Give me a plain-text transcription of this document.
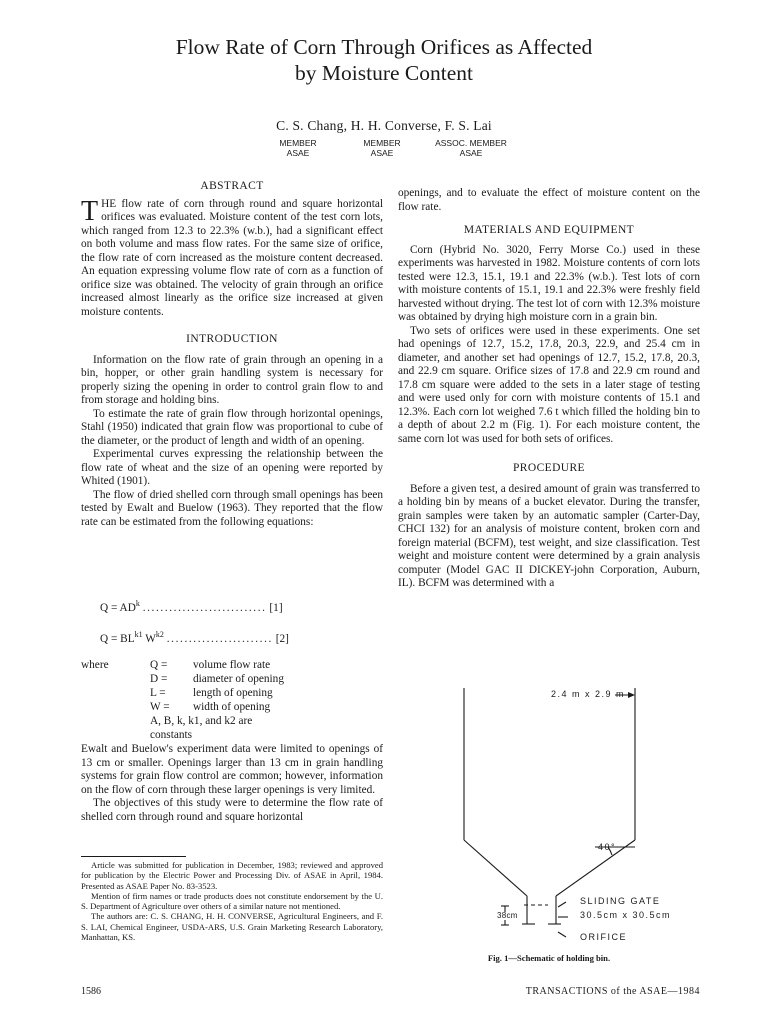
Flow Rate of Corn Through Orifices as Affected
by Moisture Content
C. S. Chang, H. H. Converse, F. S. Lai
MEMBER
ASAE
MEMBER
ASAE
ASSOC. MEMBER
ASAE

ABSTRACT

THE flow rate of corn through round and square horizontal orifices was evaluated. Moisture content of the test corn lots, which ranged from 12.3 to 22.3% (w.b.), had a significant effect on both volume and mass flow rates. For the same size of orifice, the flow rate of corn increased as the moisture content decreased. An equation expressing volume flow rate of corn as a function of orifice size was obtained. The velocity of grain through an orifice increased almost linearly as the orifice size increased at given moisture contents.

INTRODUCTION

Information on the flow rate of grain through an opening in a bin, hopper, or other grain handling system is necessary for properly sizing the opening in order to control grain flow to and from storage and holding bins.

To estimate the rate of grain flow through horizontal openings, Stahl (1950) indicated that grain flow was proportional to cube of the diameter, or the product of length and width of an opening.

Experimental curves expressing the relationship between the flow rate of wheat and the size of an opening were reported by Whited (1901).

The flow of dried shelled corn through small openings has been tested by Ewalt and Buelow (1963). They reported that the flow rate can be estimated from the following equations:

$Q = AD^k$ ............................ [1]
$Q = BL^{k1}$ $W^{k2}$ ........................ [2]
where	Q = volume flow rate
D = diameter of opening
L = length of opening
W = width of opening
A, B, k, k1, and k2 are
constants

Ewalt and Buelow's experiment data were limited to openings of 13 cm or smaller. Openings larger than 13 cm in grain handling systems for grain flow control are common; however, information on the flow of corn through these larger openings is very limited.

The objectives of this study were to determine the flow rate of shelled corn through round and square horizontal

Article was submitted for publication in December, 1983; reviewed and approved for publication by the Electric Power and Processing Div. of ASAE in April, 1984. Presented as ASAE Paper No. 83-3523.

Mention of firm names or trade products does not constitute endorsement by the U. S. Department of Agriculture over others of a similar nature not mentioned.

The authors are: C. S. CHANG, H. H. CONVERSE, Agricultural Engineers, and F. S. LAI, Chemical Engineer, USDA-ARS, U.S. Grain Marketing Research Laboratory, Manhattan, KS.

openings, and to evaluate the effect of moisture content on the flow rate.

MATERIALS AND EQUIPMENT

Corn (Hybrid No. 3020, Ferry Morse Co.) used in these experiments was harvested in 1982. Moisture contents of corn lots tested were 12.3, 15.1, 19.1 and 22.3% (w.b.). Test lots of corn with moisture contents of 15.1, 19.1 and 22.3% were freshly field harvested without drying. The test lot of corn with 12.3% moisture was obtained by drying high moisture corn in a grain bin.

Two sets of orifices were used in these experiments. One set had openings of 12.7, 15.2, 17.8, 20.3, 22.9, and 25.4 cm in diameter, and another set had openings of 12.7, 15.2, 17.8, 20.3, and 22.9 cm square. Orifice sizes of 17.8 and 22.9 cm round and 17.8 cm square were added to the sets in a later stage of testing and were used only for corn with moisture contents of 15.1 and 12.3%. Each corn lot weighed 7.6 t which filled the holding bin to a depth of about 2.2 m (Fig. 1). For each moisture content, the same corn lot was used for both sets of orifices.

PROCEDURE

Before a given test, a desired amount of grain was transferred to a holding bin by means of a bucket elevator. During the transfer, grain samples were taken by an automatic sampler (Carter-Day, CHCI 132) for an analysis of moisture content, broken corn and foreign material (BCFM), test weight, and size classification. Test weight and moisture content were determined by a grain analysis computer (Model GAC II DICKEY-john Corporation, Auburn, IL). BCFM was determined with a

2.4 m x 2.9 m
40°
SLIDING GATE
30.5cm x 30.5cm
38cm
ORIFICE
Fig. 1—Schematic of holding bin.
1586	TRANSACTIONS of the ASAE—1984
